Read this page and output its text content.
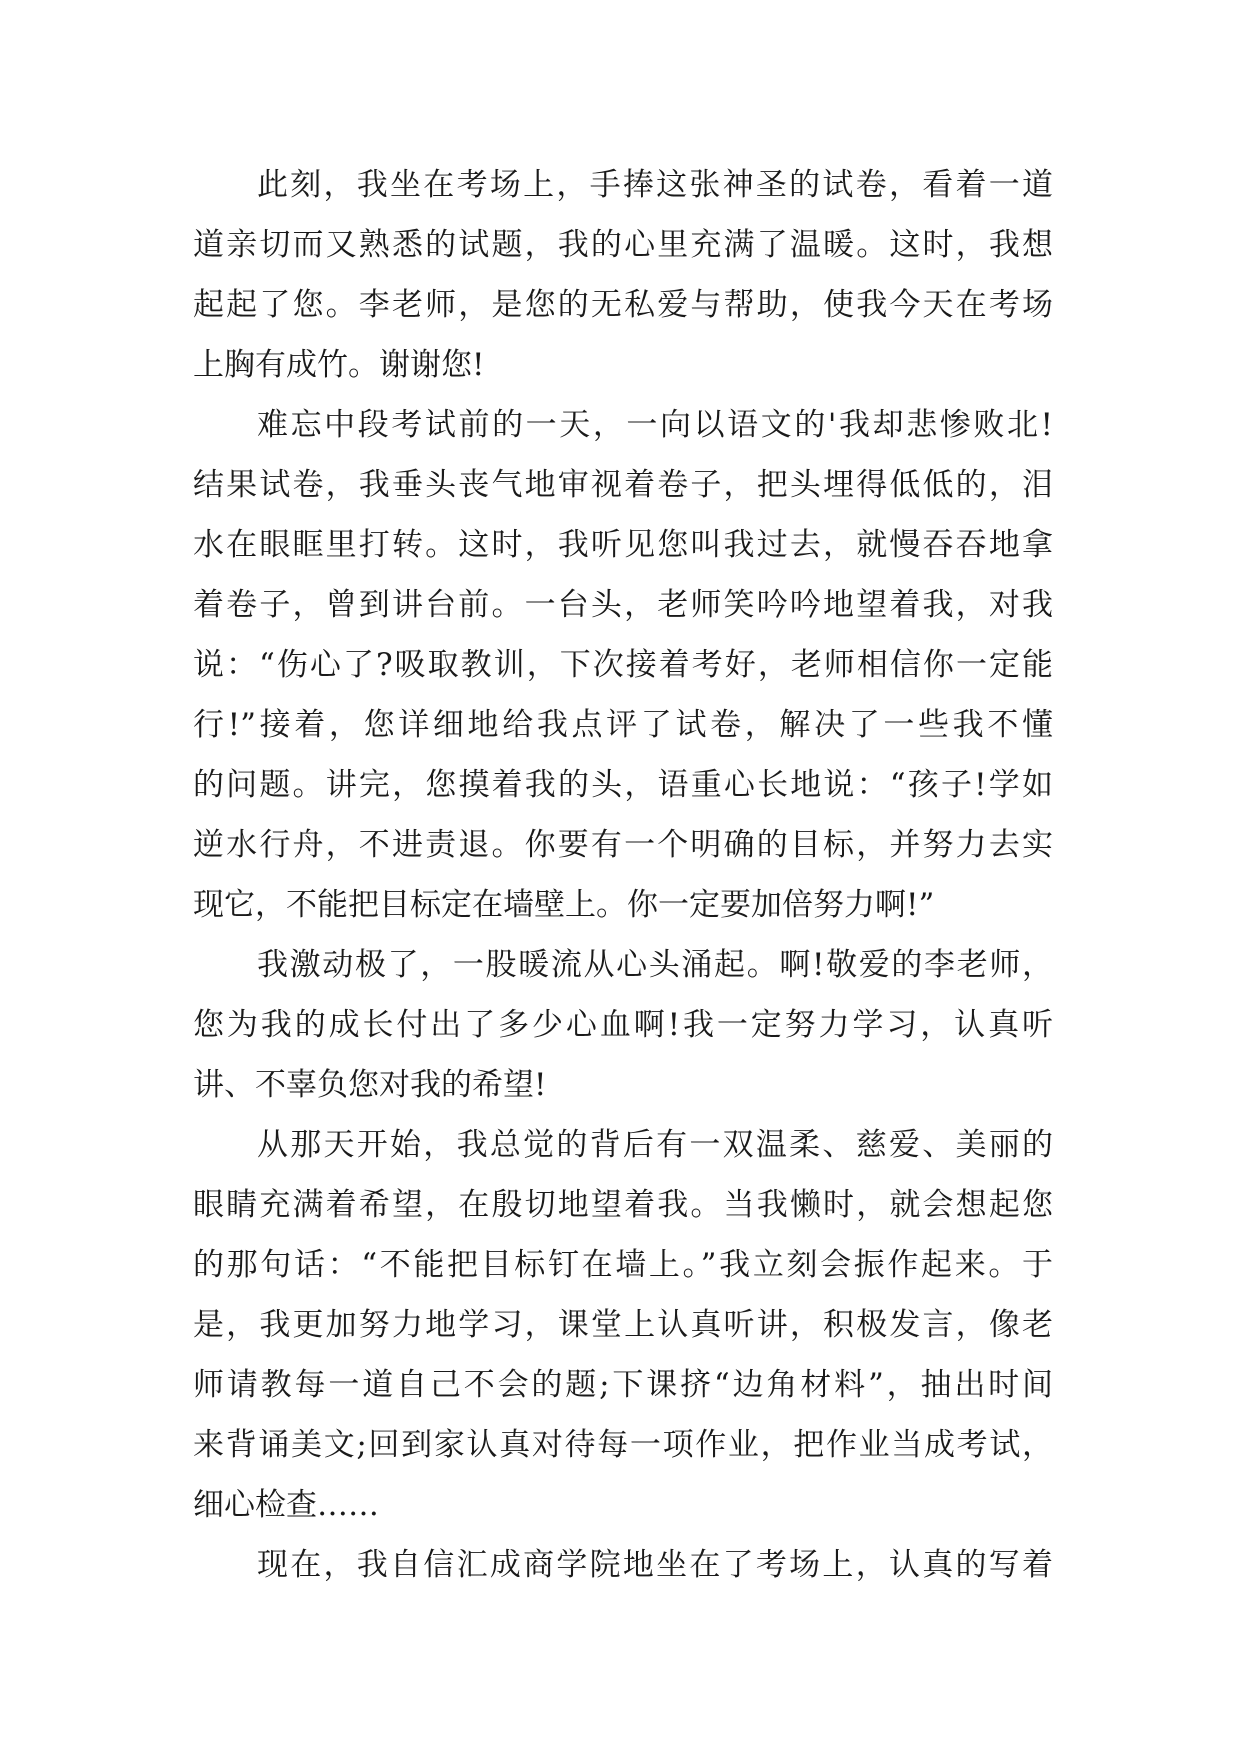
此刻，我坐在考场上，手捧这张神圣的试卷，看着一道
道亲切而又熟悉的试题，我的心里充满了温暖。这时，我想
起起了您。李老师，是您的无私爱与帮助，使我今天在考场
上胸有成竹。谢谢您!
难忘中段考试前的一天，一向以语文的'我却悲惨败北!
结果试卷，我垂头丧气地审视着卷子，把头埋得低低的，泪
水在眼眶里打转。这时，我听见您叫我过去，就慢吞吞地拿
着卷子，曾到讲台前。一台头，老师笑吟吟地望着我，对我
说：“伤心了?吸取教训，下次接着考好，老师相信你一定能
行!”接着，您详细地给我点评了试卷，解决了一些我不懂
的问题。讲完，您摸着我的头，语重心长地说：“孩子!学如
逆水行舟，不进责退。你要有一个明确的目标，并努力去实
现它，不能把目标定在墙壁上。你一定要加倍努力啊!”
我激动极了，一股暖流从心头涌起。啊!敬爱的李老师，
您为我的成长付出了多少心血啊!我一定努力学习，认真听
讲、不辜负您对我的希望!
从那天开始，我总觉的背后有一双温柔、慈爱、美丽的
眼睛充满着希望，在殷切地望着我。当我懒时，就会想起您
的那句话：“不能把目标钉在墙上。”我立刻会振作起来。于
是，我更加努力地学习，课堂上认真听讲，积极发言，像老
师请教每一道自己不会的题;下课挤“边角材料”，抽出时间
来背诵美文;回到家认真对待每一项作业，把作业当成考试，
细心检查……
现在，我自信汇成商学院地坐在了考场上，认真的写着
